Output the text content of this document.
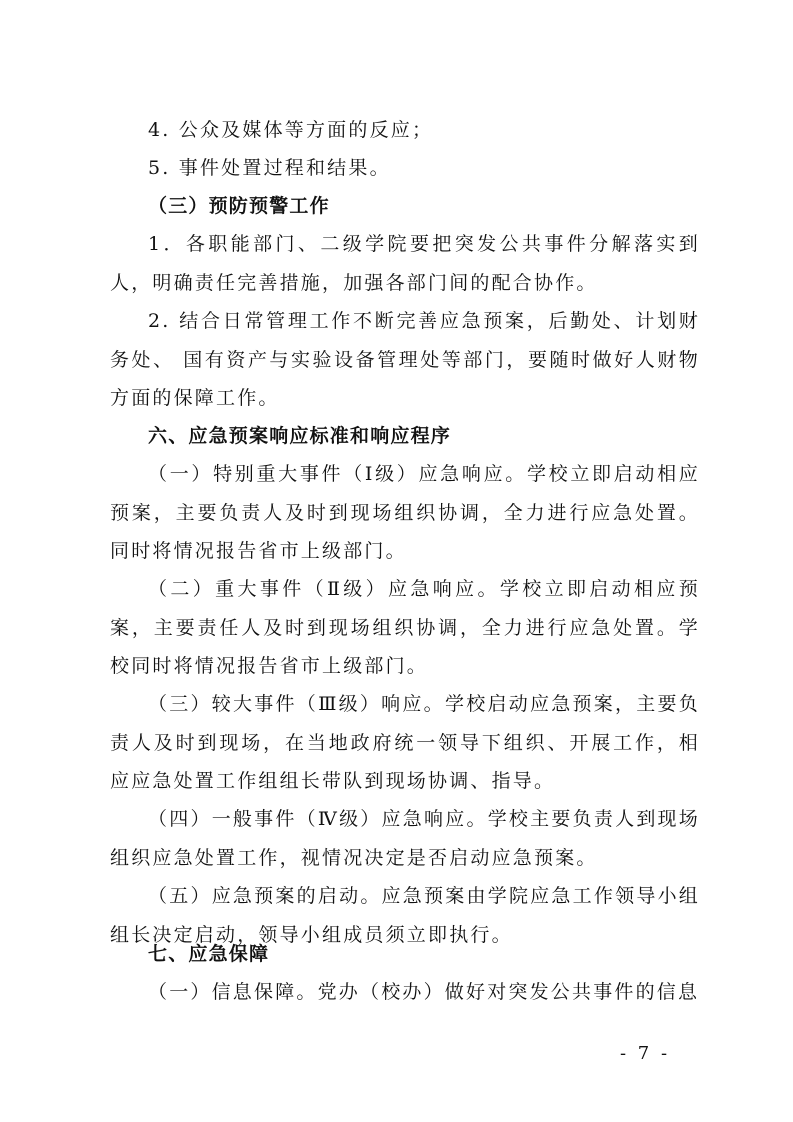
4. 公众及媒体等方面的反应；

5. 事件处置过程和结果。

（三）预防预警工作

1．各职能部门、二级学院要把突发公共事件分解落实到人，明确责任完善措施，加强各部门间的配合协作。

2. 结合日常管理工作不断完善应急预案，后勤处、计划财务处、 国有资产与实验设备管理处等部门，要随时做好人财物方面的保障工作。

六、应急预案响应标准和响应程序

（一）特别重大事件（Ⅰ级）应急响应。学校立即启动相应预案，主要负责人及时到现场组织协调，全力进行应急处置。同时将情况报告省市上级部门。

（二）重大事件（Ⅱ级）应急响应。学校立即启动相应预案，主要责任人及时到现场组织协调，全力进行应急处置。学校同时将情况报告省市上级部门。

（三）较大事件（Ⅲ级）响应。学校启动应急预案，主要负责人及时到现场，在当地政府统一领导下组织、开展工作，相应应急处置工作组组长带队到现场协调、指导。

（四）一般事件（Ⅳ级）应急响应。学校主要负责人到现场组织应急处置工作，视情况决定是否启动应急预案。

（五）应急预案的启动。应急预案由学院应急工作领导小组组长决定启动，领导小组成员须立即执行。

七、应急保障

（一）信息保障。党办（校办）做好对突发公共事件的信息

- 7 -
